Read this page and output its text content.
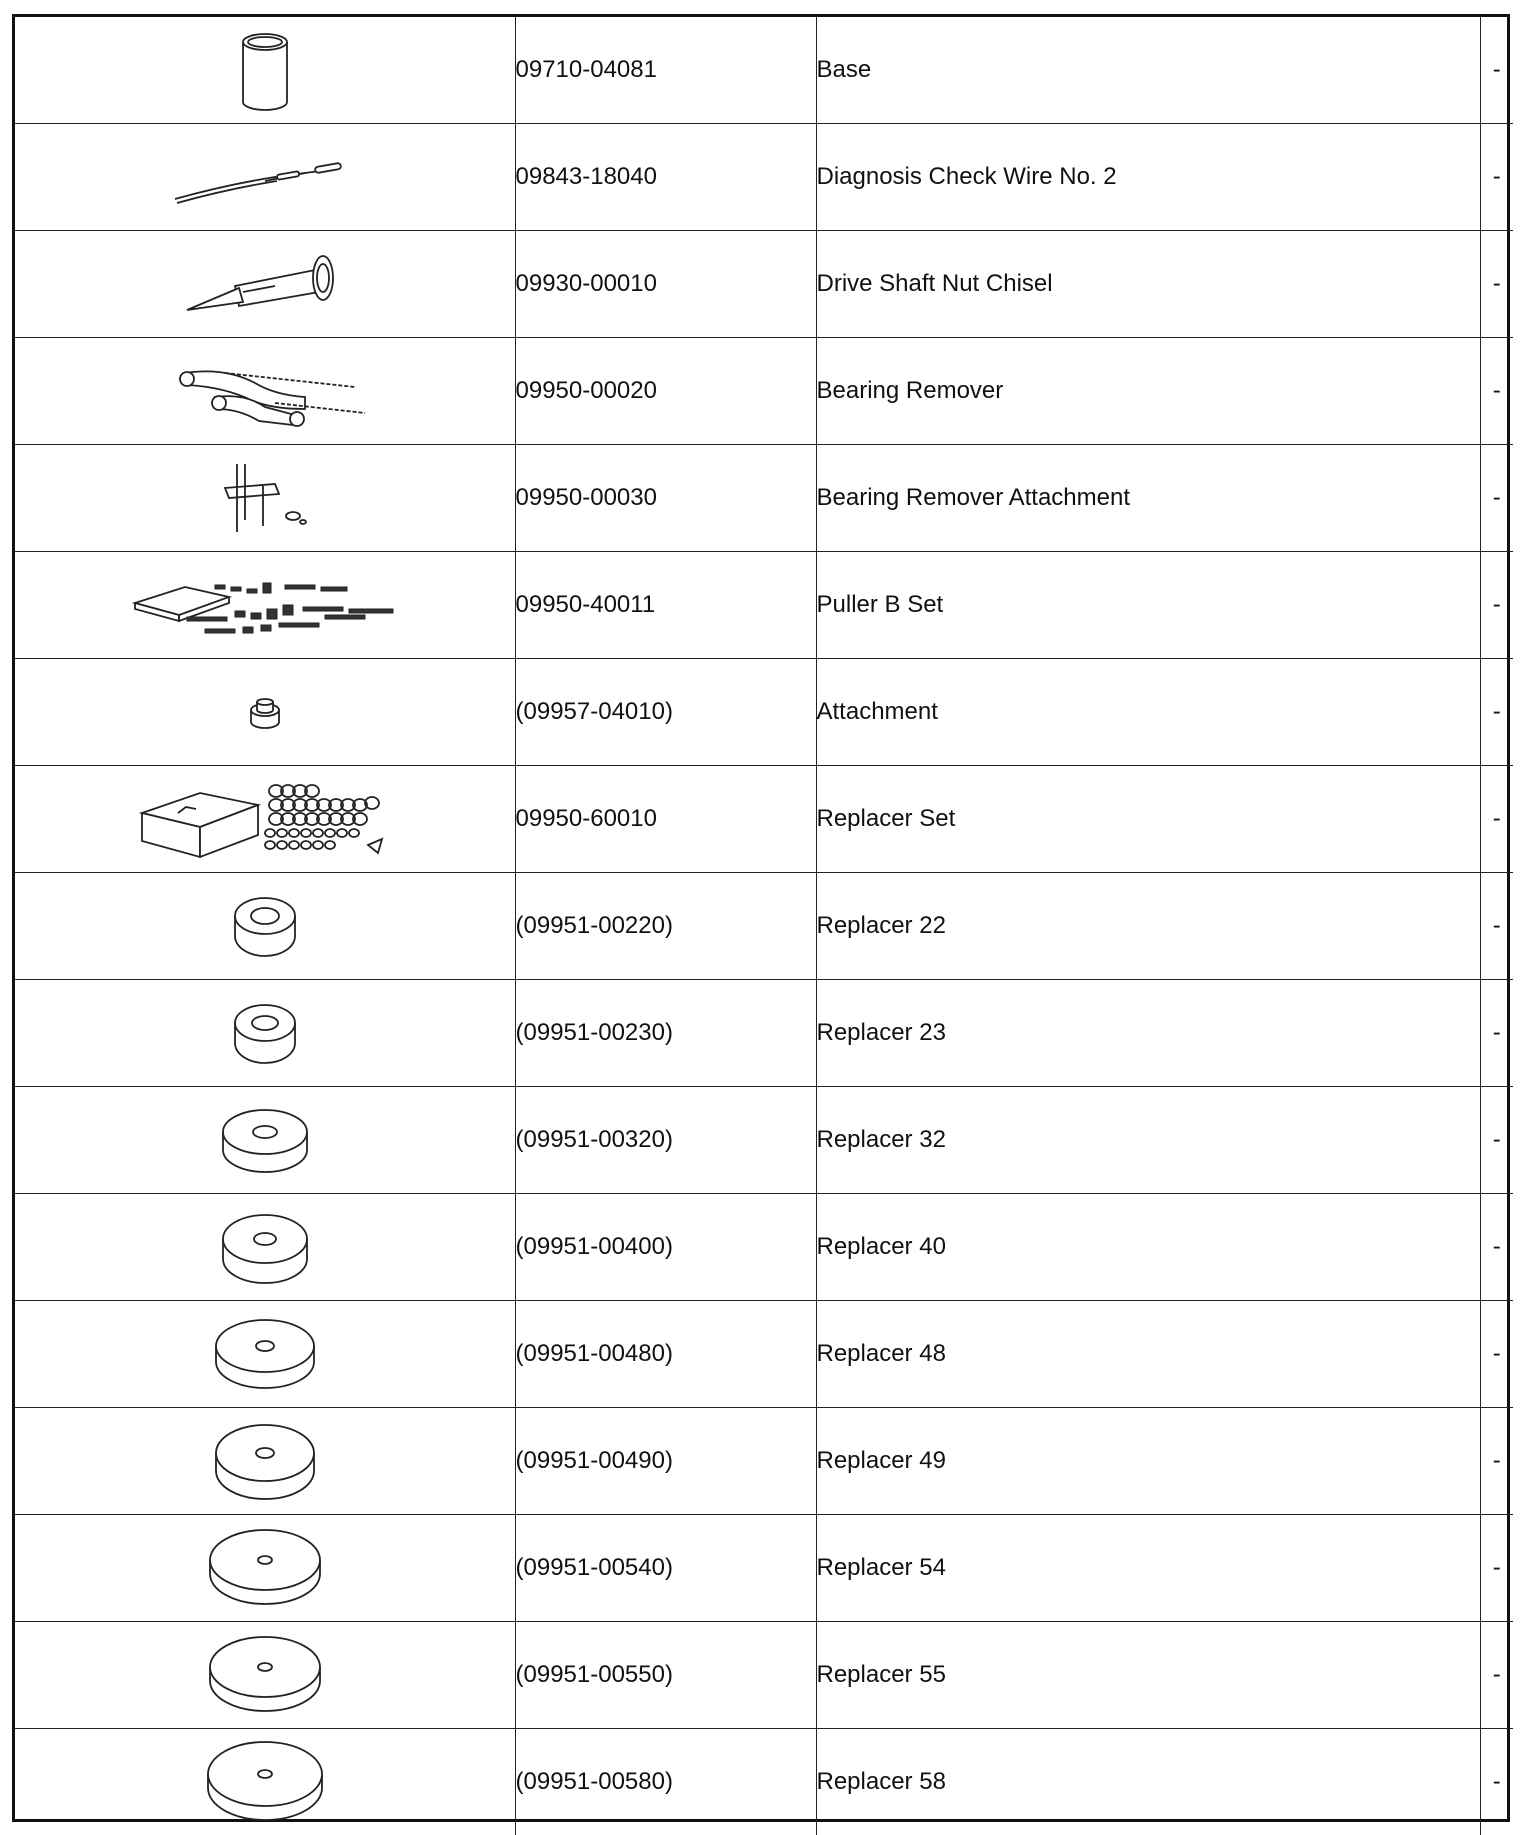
	09710-04081	Base	-

	09843-18040	Diagnosis Check Wire No. 2	-

	09930-00010	Drive Shaft Nut Chisel	-

	09950-00020	Bearing Remover	-

	09950-00030	Bearing Remover Attachment	-

	09950-40011	Puller B Set	-

	(09957-04010)	Attachment	-

	09950-60010	Replacer Set	-

	(09951-00220)	Replacer 22	-

	(09951-00230)	Replacer 23	-

	(09951-00320)	Replacer 32	-

	(09951-00400)	Replacer 40	-

	(09951-00480)	Replacer 48	-

	(09951-00490)	Replacer 49	-

	(09951-00540)	Replacer 54	-

	(09951-00550)	Replacer 55	-

	(09951-00580)	Replacer 58	-
